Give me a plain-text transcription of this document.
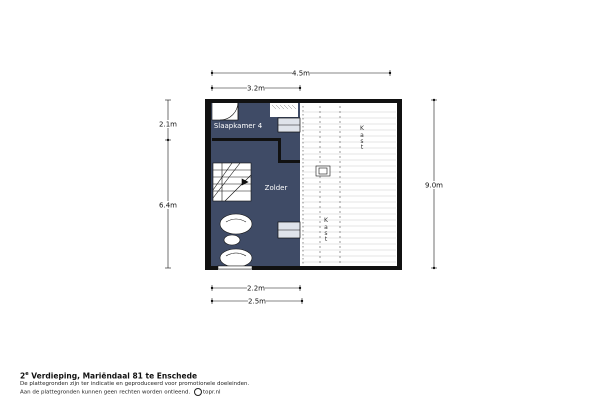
4.5m
3.2m
2.2m
2.5m
2.1m
6.4m
9.0m
Slaapkamer 4
Zolder
K
a
s
t
K
a
s
t
2e Verdieping, Mariëndaal 81 te Enschede
De plattegronden zijn ter indicatie en geproduceerd voor promotionele doeleinden.
Aan de plattegronden kunnen geen rechten worden ontleend. topr.nl
